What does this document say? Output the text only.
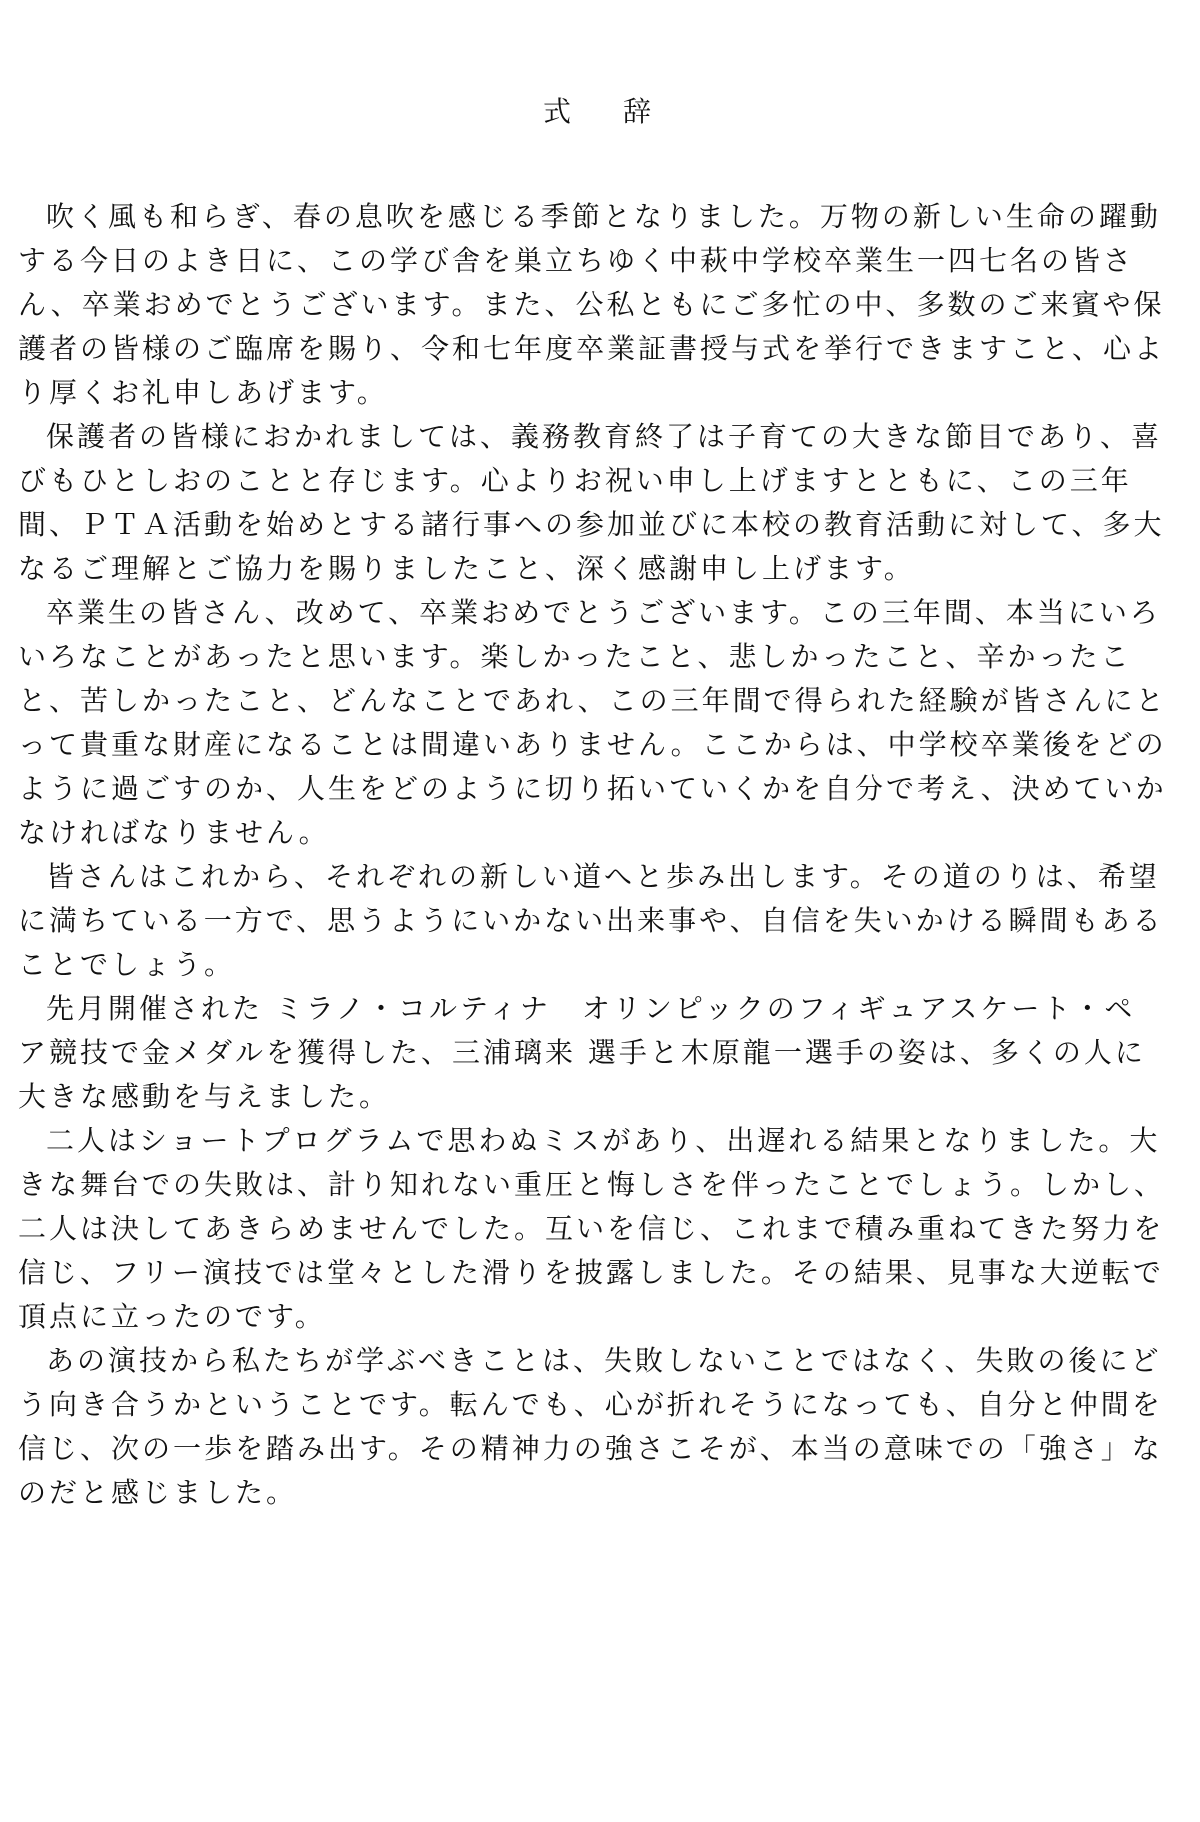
式　辞

吹く風も和らぎ、春の息吹を感じる季節となりました。万物の新しい生命の躍動
する今日のよき日に、この学び舎を巣立ちゆく中萩中学校卒業生一四七名の皆さ
ん、卒業おめでとうございます。また、公私ともにご多忙の中、多数のご来賓や保
護者の皆様のご臨席を賜り、令和七年度卒業証書授与式を挙行できますこと、心よ
り厚くお礼申しあげます。

保護者の皆様におかれましては、義務教育終了は子育ての大きな節目であり、喜
びもひとしおのことと存じます。心よりお祝い申し上げますとともに、この三年
間、ＰＴＡ活動を始めとする諸行事への参加並びに本校の教育活動に対して、多大
なるご理解とご協力を賜りましたこと、深く感謝申し上げます。

卒業生の皆さん、改めて、卒業おめでとうございます。この三年間、本当にいろ
いろなことがあったと思います。楽しかったこと、悲しかったこと、辛かったこ
と、苦しかったこと、どんなことであれ、この三年間で得られた経験が皆さんにと
って貴重な財産になることは間違いありません。ここからは、中学校卒業後をどの
ように過ごすのか、人生をどのように切り拓いていくかを自分で考え、決めていか
なければなりません。

皆さんはこれから、それぞれの新しい道へと歩み出します。その道のりは、希望
に満ちている一方で、思うようにいかない出来事や、自信を失いかける瞬間もある
ことでしょう。

先月開催された ミラノ・コルティナ　オリンピックのフィギュアスケート・ペ
ア競技で金メダルを獲得した、三浦璃来 選手と木原龍一選手の姿は、多くの人に
大きな感動を与えました。

二人はショートプログラムで思わぬミスがあり、出遅れる結果となりました。大
きな舞台での失敗は、計り知れない重圧と悔しさを伴ったことでしょう。しかし、
二人は決してあきらめませんでした。互いを信じ、これまで積み重ねてきた努力を
信じ、フリー演技では堂々とした滑りを披露しました。その結果、見事な大逆転で
頂点に立ったのです。

あの演技から私たちが学ぶべきことは、失敗しないことではなく、失敗の後にど
う向き合うかということです。転んでも、心が折れそうになっても、自分と仲間を
信じ、次の一歩を踏み出す。その精神力の強さこそが、本当の意味での「強さ」な
のだと感じました。
